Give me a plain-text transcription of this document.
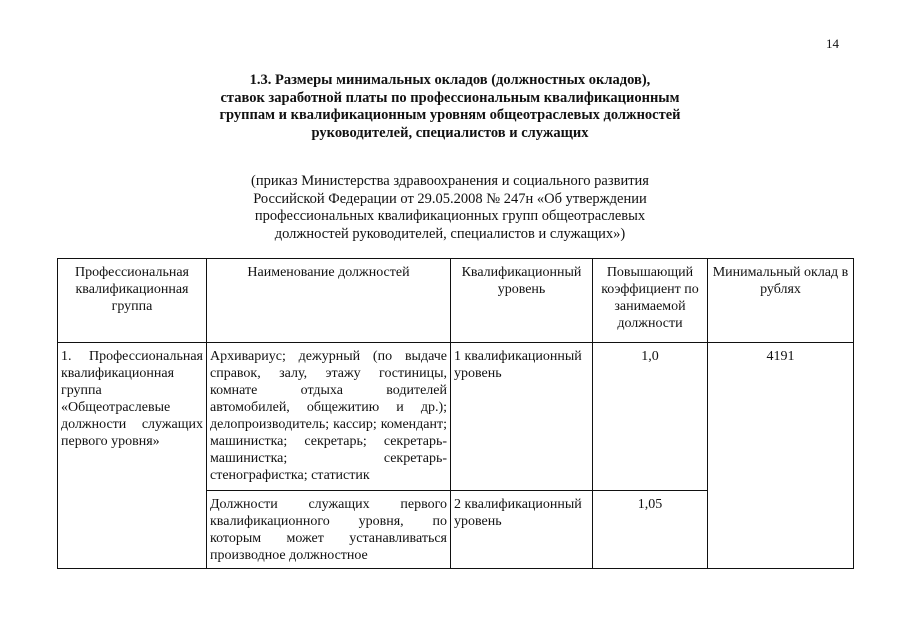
14
1.3. Размеры минимальных окладов (должностных окладов),
ставок заработной платы по профессиональным квалификационным
группам и квалификационным уровням общеотраслевых должностей
руководителей, специалистов и служащих
(приказ Министерства здравоохранения и социального развития
Российской Федерации от 29.05.2008 № 247н «Об утверждении
профессиональных квалификационных групп общеотраслевых
должностей руководителей, специалистов и служащих»)
Профессиональная квалификационная группа	Наименование должностей	Квалификационный уровень	Повышающий коэффициент по занимаемой должности	Минимальный оклад в рублях
1. Профессиональная квалификационная группа «Общеотраслевые должности служащих первого уровня»	Архивариус; дежурный (по выдаче справок, залу, этажу гостиницы, комнате отдыха водителей автомобилей, общежитию и др.); делопроизводитель; кассир; комендант; машинистка; секретарь; секретарь-машинистка; секретарь-стенографистка; статистик	1 квалификационный уровень	1,0	4191
	Должности служащих первого квалификационного уровня, по которым может устанавливаться производное должностное	2 квалификационный уровень	1,05	
